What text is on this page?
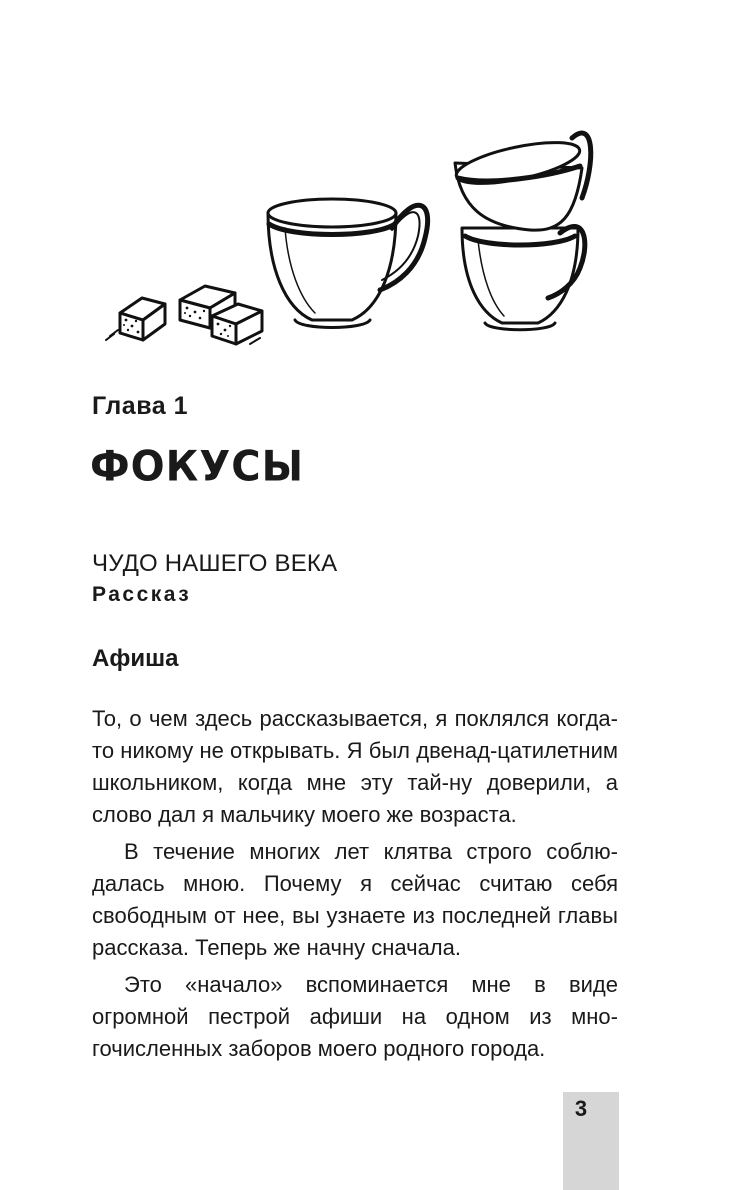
Глава 1
ФОКУСЫ
ЧУДО НАШЕГО ВЕКА
Рассказ
Афиша

То, о чем здесь рассказывается, я поклялся когда-то никому не открывать. Я был двенад-цатилетним школьником, когда мне эту тай-ну доверили, а слово дал я мальчику моего же возраста.

В течение многих лет клятва строго соблю-далась мною. Почему я сейчас считаю себя свободным от нее, вы узнаете из последней главы рассказа. Теперь же начну сначала.

Это «начало» вспоминается мне в виде огромной пестрой афиши на одном из мно-гочисленных заборов моего родного города.

3
